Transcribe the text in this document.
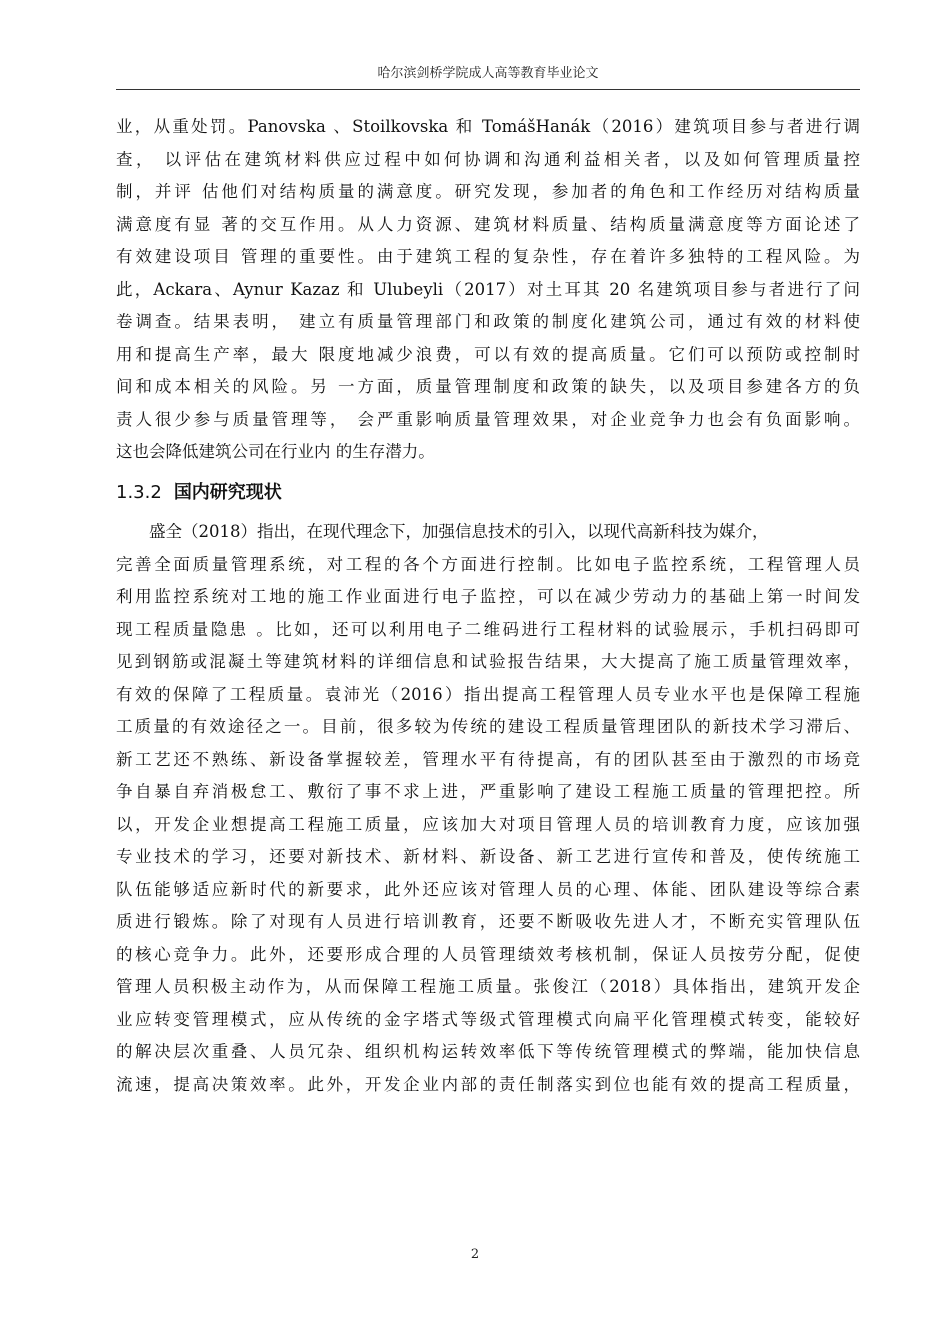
哈尔滨剑桥学院成人高等教育毕业论文
业，从重处罚。Panovska 、Stoilkovska 和 TomášHanák（2016）建筑项目参与者进行调
查， 以评估在建筑材料供应过程中如何协调和沟通利益相关者，以及如何管理质量控
制，并评 估他们对结构质量的满意度。研究发现，参加者的角色和工作经历对结构质量
满意度有显 著的交互作用。从人力资源、建筑材料质量、结构质量满意度等方面论述了
有效建设项目 管理的重要性。由于建筑工程的复杂性，存在着许多独特的工程风险。为
此，Ackara、Aynur Kazaz 和 Ulubeyli（2017）对土耳其 20 名建筑项目参与者进行了问
卷调查。结果表明， 建立有质量管理部门和政策的制度化建筑公司，通过有效的材料使
用和提高生产率，最大 限度地减少浪费，可以有效的提高质量。它们可以预防或控制时
间和成本相关的风险。另 一方面，质量管理制度和政策的缺失，以及项目参建各方的负
责人很少参与质量管理等， 会严重影响质量管理效果，对企业竞争力也会有负面影响。
这也会降低建筑公司在行业内 的生存潜力。
1.3.2 国内研究现状
盛全（2018）指出，在现代理念下，加强信息技术的引入，以现代高新科技为媒介，
完善全面质量管理系统，对工程的各个方面进行控制。比如电子监控系统，工程管理人员
利用监控系统对工地的施工作业面进行电子监控，可以在减少劳动力的基础上第一时间发
现工程质量隐患 。比如，还可以利用电子二维码进行工程材料的试验展示，手机扫码即可
见到钢筋或混凝土等建筑材料的详细信息和试验报告结果，大大提高了施工质量管理效率，
有效的保障了工程质量。袁沛光（2016）指出提高工程管理人员专业水平也是保障工程施
工质量的有效途径之一。目前，很多较为传统的建设工程质量管理团队的新技术学习滞后、
新工艺还不熟练、新设备掌握较差，管理水平有待提高，有的团队甚至由于激烈的市场竞
争自暴自弃消极怠工、敷衍了事不求上进，严重影响了建设工程施工质量的管理把控。所
以，开发企业想提高工程施工质量，应该加大对项目管理人员的培训教育力度，应该加强
专业技术的学习，还要对新技术、新材料、新设备、新工艺进行宣传和普及，使传统施工
队伍能够适应新时代的新要求，此外还应该对管理人员的心理、体能、团队建设等综合素
质进行锻炼。除了对现有人员进行培训教育，还要不断吸收先进人才，不断充实管理队伍
的核心竞争力。此外，还要形成合理的人员管理绩效考核机制，保证人员按劳分配，促使
管理人员积极主动作为，从而保障工程施工质量。张俊江（2018）具体指出，建筑开发企
业应转变管理模式，应从传统的金字塔式等级式管理模式向扁平化管理模式转变，能较好
的解决层次重叠、人员冗杂、组织机构运转效率低下等传统管理模式的弊端，能加快信息
流速，提高决策效率。此外，开发企业内部的责任制落实到位也能有效的提高工程质量，
2
